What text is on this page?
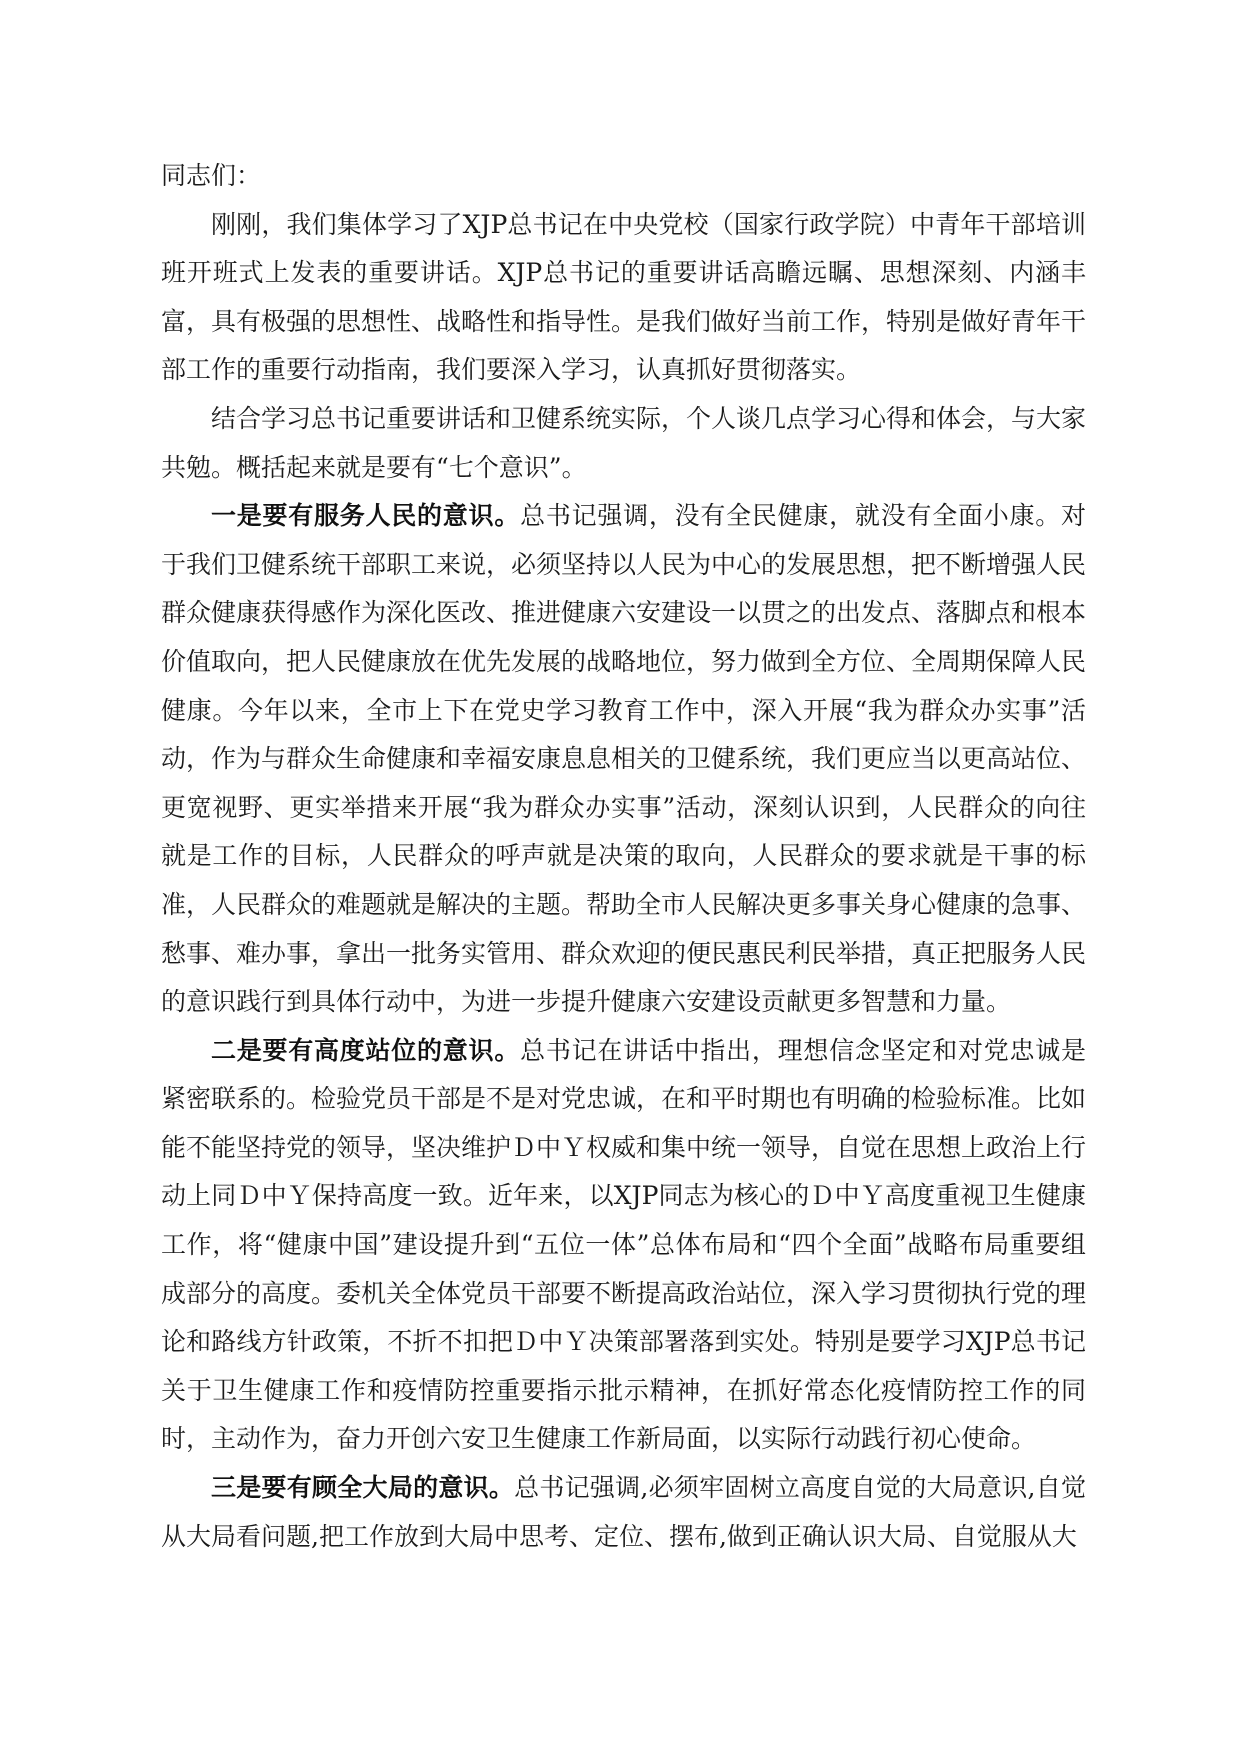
同志们：

刚刚，我们集体学习了XJP总书记在中央党校（国家行政学院）中青年干部培训班开班式上发表的重要讲话。XJP总书记的重要讲话高瞻远瞩、思想深刻、内涵丰富，具有极强的思想性、战略性和指导性。是我们做好当前工作，特别是做好青年干部工作的重要行动指南，我们要深入学习，认真抓好贯彻落实。

结合学习总书记重要讲话和卫健系统实际，个人谈几点学习心得和体会，与大家共勉。概括起来就是要有“七个意识”。

一是要有服务人民的意识。总书记强调，没有全民健康，就没有全面小康。对于我们卫健系统干部职工来说，必须坚持以人民为中心的发展思想，把不断增强人民群众健康获得感作为深化医改、推进健康六安建设一以贯之的出发点、落脚点和根本价值取向，把人民健康放在优先发展的战略地位，努力做到全方位、全周期保障人民健康。今年以来，全市上下在党史学习教育工作中，深入开展“我为群众办实事”活动，作为与群众生命健康和幸福安康息息相关的卫健系统，我们更应当以更高站位、更宽视野、更实举措来开展“我为群众办实事”活动，深刻认识到，人民群众的向往就是工作的目标，人民群众的呼声就是决策的取向，人民群众的要求就是干事的标准，人民群众的难题就是解决的主题。帮助全市人民解决更多事关身心健康的急事、愁事、难办事，拿出一批务实管用、群众欢迎的便民惠民利民举措，真正把服务人民的意识践行到具体行动中，为进一步提升健康六安建设贡献更多智慧和力量。

二是要有高度站位的意识。总书记在讲话中指出，理想信念坚定和对党忠诚是紧密联系的。检验党员干部是不是对党忠诚，在和平时期也有明确的检验标准。比如能不能坚持党的领导，坚决维护Ｄ中Ｙ权威和集中统一领导，自觉在思想上政治上行动上同Ｄ中Ｙ保持高度一致。近年来，以XJP同志为核心的Ｄ中Ｙ高度重视卫生健康工作，将“健康中国”建设提升到“五位一体”总体布局和“四个全面”战略布局重要组成部分的高度。委机关全体党员干部要不断提高政治站位，深入学习贯彻执行党的理论和路线方针政策，不折不扣把Ｄ中Ｙ决策部署落到实处。特别是要学习XJP总书记关于卫生健康工作和疫情防控重要指示批示精神，在抓好常态化疫情防控工作的同时，主动作为，奋力开创六安卫生健康工作新局面，以实际行动践行初心使命。

三是要有顾全大局的意识。总书记强调,必须牢固树立高度自觉的大局意识,自觉从大局看问题,把工作放到大局中思考、定位、摆布,做到正确认识大局、自觉服从大
